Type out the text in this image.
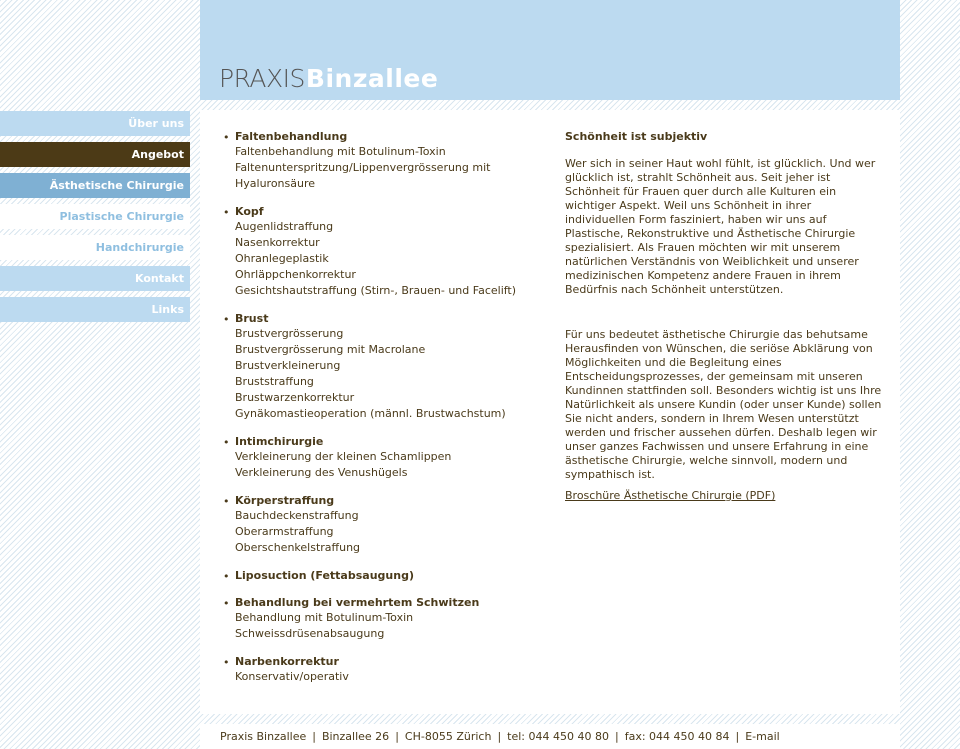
PRAXISBinzallee
Über uns
Angebot
Ästhetische Chirurgie
Plastische Chirurgie
Handchirurgie
Kontakt
Links
• Faltenbehandlung
Faltenbehandlung mit Botulinum-Toxin
Faltenunterspritzung/Lippenvergrösserung mit Hyaluronsäure
• Kopf
Augenlidstraffung
Nasenkorrektur
Ohranlegeplastik
Ohrläppchenkorrektur
Gesichtshautstraffung (Stirn-, Brauen- und Facelift)
• Brust
Brustvergrösserung
Brustvergrösserung mit Macrolane
Brustverkleinerung
Bruststraffung
Brustwarzenkorrektur
Gynäkomastieoperation (männl. Brustwachstum)
• Intimchirurgie
Verkleinerung der kleinen Schamlippen
Verkleinerung des Venushügels
• Körperstraffung
Bauchdeckenstraffung
Oberarmstraffung
Oberschenkelstraffung
• Liposuction (Fettabsaugung)
• Behandlung bei vermehrtem Schwitzen
Behandlung mit Botulinum-Toxin
Schweissdrüsenabsaugung
• Narbenkorrektur
Konservativ/operativ
Schönheit ist subjektiv

Wer sich in seiner Haut wohl fühlt, ist glücklich. Und wer glücklich ist, strahlt Schönheit aus. Seit jeher ist Schönheit für Frauen quer durch alle Kulturen ein wichtiger Aspekt. Weil uns Schönheit in ihrer individuellen Form fasziniert, haben wir uns auf Plastische, Rekonstruktive und Ästhetische Chirurgie spezialisiert. Als Frauen möchten wir mit unserem natürlichen Verständnis von Weiblichkeit und unserer medizinischen Kompetenz andere Frauen in ihrem Bedürfnis nach Schönheit unterstützen.

Für uns bedeutet ästhetische Chirurgie das behutsame Herausfinden von Wünschen, die seriöse Abklärung von Möglichkeiten und die Begleitung eines Entscheidungsprozesses, der gemeinsam mit unseren Kundinnen stattfinden soll. Besonders wichtig ist uns Ihre Natürlichkeit als unsere Kundin (oder unser Kunde) sollen Sie nicht anders, sondern in Ihrem Wesen unterstützt werden und frischer aussehen dürfen. Deshalb legen wir unser ganzes Fachwissen und unsere Erfahrung in eine ästhetische Chirurgie, welche sinnvoll, modern und sympathisch ist.

Broschüre Ästhetische Chirurgie (PDF)
Praxis Binzallee | Binzallee 26 | CH-8055 Zürich | tel: 044 450 40 80 | fax: 044 450 40 84 | E-mail
